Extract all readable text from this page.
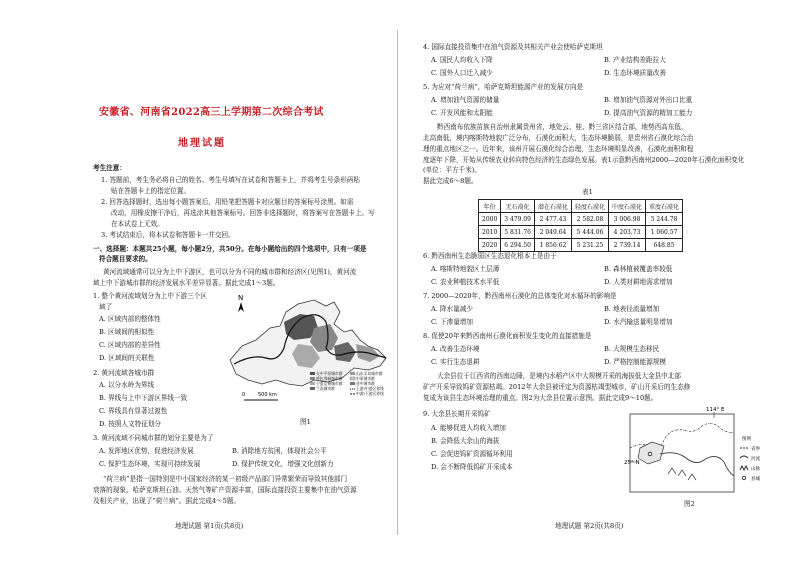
安徽省、河南省2022高三上学期第二次综合考试
地理试题
考生注意：
1. 答题前，考生务必将自己的姓名、考生号填写在试卷和答题卡上，并将考生号条形码粘
贴在答题卡上的指定位置。
2. 回答选择题时，选出每小题答案后，用铅笔把答题卡对应题目的答案标号涂黑。如需
改动，用橡皮擦干净后，再选涂其他答案标号。回答非选择题时，将答案写在答题卡上。写
在本试卷上无效。
3. 考试结束后，将本试卷和答题卡一并交回。
一、选择题：本题共25小题，每小题2分，共50分。在每小题给出的四个选项中，只有一项是
符合题目要求的。
黄河流域通常可以分为上中下游区，也可以分为不同的城市群和经济区(见图1)，黄河流
域上中下游城市群的经济发展水平差异显著。据此完成1～3题。
1. 整个黄河流域划分为上中下游三个区
域了
A. 区域内部的整体性
B. 区域间的相似性
C. 区域内部的差异性
D. 区域间的关联性
2. 黄河流域各城市群
A. 以分水岭为界线
B. 界线与上中下游区界线一致
C. 界线具有显著过渡性
D. 按照人文特征划分
3. 黄河流域不同城市群的划分主要是为了
A. 发挥地区优势，促进经济发展	B. 消除地方贫困，体现社会公平
C. 保护生态环境，实现可持续发展	D. 保护传统文化，增强文化创新力
“荷兰病”是指一国特别是中小国家经济的某一初级产品部门异常繁荣而导致其他部门
衰落的现象。哈萨克斯坦石油、天然气等矿产资源丰富，国际直接投资主要集中在油气资源
及相关产业，出现了“荷兰病”。据此完成4～5题。
N
0	500 km
关中平原城市群
呼包鄂榆城市群
宁夏沿黄城市群
兰西城市群
山东半岛城市群
中原城市群
晋中城市群
上游/中游区界线
中游/下游区界线
图1
地理试题 第1页(共8页)
4. 国际直接投资集中在油气资源及其相关产业会使哈萨克斯坦
A. 国民人均收入下降	B. 产业结构差距拉大
C. 国外人口迁入减少	D. 生态环境质量改善
5. 为应对“荷兰病”，哈萨克斯坦能源产业的发展方向是
A. 增加油气资源的储量	B. 增加油气资源对外出口比重
C. 开发风能和太阳能	D. 提高油气资源的精加工能力
黔西南布依族苗族自治州隶属贵州省，地处云、桂、黔三省区结合部，地势西高东低，
北高南低，境内喀斯特地貌广泛分布，石漠化面积大，生态环境脆弱，是贵州省石漠化综合治
理的重点地区之一。近年来，该州开展石漠化综合治理，生态环境明显改善，石漠化面积和程
度逐年下降，开始从传统农业转向特色经济的生态绿色发展。表1示意黔西南州2000—2020年石漠化面积变化(单位：平方千米)。
据此完成6～8题。
表1
年份	无石漠化	潜在石漠化	轻度石漠化	中度石漠化	重度石漠化
2000	3 479.09	2 477.43	2 582.08	3 006.98	5 244.78
2010	5 831.76	2 049.64	5 444.06	4 203.73	1 060.57
2020	6 294.50	1 856.62	5 231.25	2 739.14	648.85
6. 黔西南州生态脆弱区生态退化根本上是由于
A. 喀斯特地貌区土层薄	B. 森林植被覆盖率较低
C. 农业种植技术水平低	D. 人类对耕地需求增加
7. 2000—2020年，黔西南州石漠化的总体变化对水循环的影响是
A. 降水量减少	B. 地表径流量增加
C. 下渗量增加	D. 水汽输送量明显增加
8. 促使20年来黔西南州石漠化面积发生变化的直接措施是
A. 改善生态环境	B. 大规模生态移民
C. 实行生态退耕	D. 严格控制能源规模
大余县位于江西省的西南边陲，是境内水稻产区中大规模开采的海拔低大金县中北部
矿产开采导致钨矿资源枯竭。2012年大余县被评定为资源枯竭型城市，矿山开采后的生态修
复成为该县生态环境治理的重点。图2为大余县位置示意图。据此完成9～10题。
9. 大余县长期开采钨矿
A. 能够促进人均收入增加
B. 会降低大余山的海拔
C. 会促进钨矿资源循环利用
D. 会不断降低钨矿开采成本
114° E
25° N
图例
省界
河流
山脉
县城
图2
地理试题 第2页(共8页)
